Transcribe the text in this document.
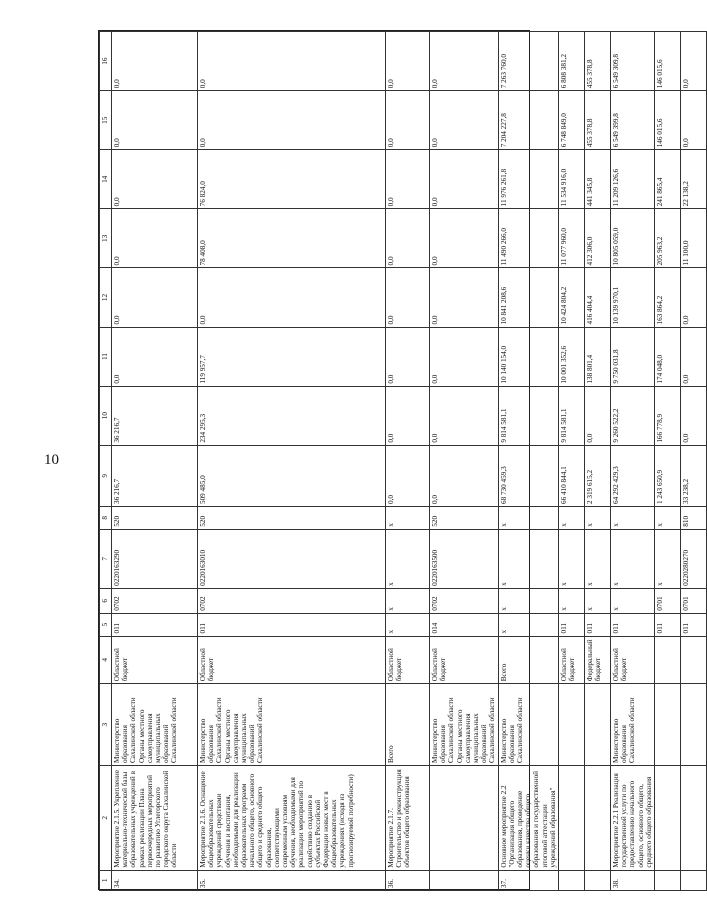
10
1	2	3	4	5	6	7	8	9	10	11	12	13	14	15	16
34.	Мероприятие 2.1.5. Укрепление материально-технической базы образовательных учреждений в рамках реализации Плана первоочередных мероприятий по развитию Углегорского городского округа Сахалинской области	Министерство образования Сахалинской области Органы местного самоуправления муниципальных образований Сахалинской области	Областной бюджет	011	0702	0220163290	520	36 216,7	36 216,7	0,0	0,0	0,0	0,0	0,0	0,0
35.	Мероприятие 2.1.6. Оснащение общеобразовательных учреждений средствами обучения и воспитания, необходимыми для реализации образовательных программ начального общего, основного общего и среднего общего образования, соответствующими современным условиям обучения, необходимыми для реализации мероприятий по содействию созданию в субъектах Российской Федерации новых мест в общеобразовательных учреждениях (исходя из прогнозируемой потребности)	Министерство образования Сахалинской области Органы местного самоуправления муниципальных образований Сахалинской области	Областной бюджет	011	0702	0220163010	520	509 485,0	234 295,3	119 957,7	0,0	78 408,0	76 824,0	0,0	0,0
36.	Мероприятие 2.1.7. Строительство и реконструкция объектов общего образования	Всего	Областной бюджет	x	x	x	x	0,0	0,0	0,0	0,0	0,0	0,0	0,0	0,0
		Министерство образования Сахалинской области Органы местного самоуправления муниципальных образований Сахалинской области	Областной бюджет	014	0702	0220163500	520	0,0	0,0	0,0	0,0	0,0	0,0	0,0	0,0
37.	Основное мероприятие 2.2 "Организация общего образования, проведение оценки качества общего образования и государственной итоговой аттестации учреждений образования"	Министерство образования Сахалинской области	Всего	x	x	x	x	68 730 459,3	9 814 581,1	10 140 154,0	10 841 208,6	11 490 266,0	11 976 261,8	7 204 227,8	7 263 760,0
			Областной бюджет	011	x	x	x	66 410 844,1	9 814 581,1	10 001 352,6	10 424 804,2	11 077 960,0	11 534 916,0	6 748 849,0	6 808 381,2
			Федеральный бюджет	011	x	x	x	2 319 615,2	0,0	138 801,4	416 404,4	412 306,0	441 345,8	455 378,8	455 378,8
38.	Мероприятие 2.2.1 Реализация государственной услуги по предоставлению начального общего, основного общего, среднего общего образования	Министерство образования Сахалинской области	Областной бюджет	011	x	x	x	64 292 429,3	9 260 522,2	9 750 031,8	10 139 970,1	10 805 059,0	11 209 126,6	6 549 399,8	6 549 309,8
				011	0701	x	x	1 243 650,9	166 778,9	174 048,0	163 864,2	205 963,2	241 865,4	146 015,6	146 015,6
				011	0701	0220280270	810	33 238,2	0,0	0,0	0,0	11 100,0	22 138,2	0,0	0,0
